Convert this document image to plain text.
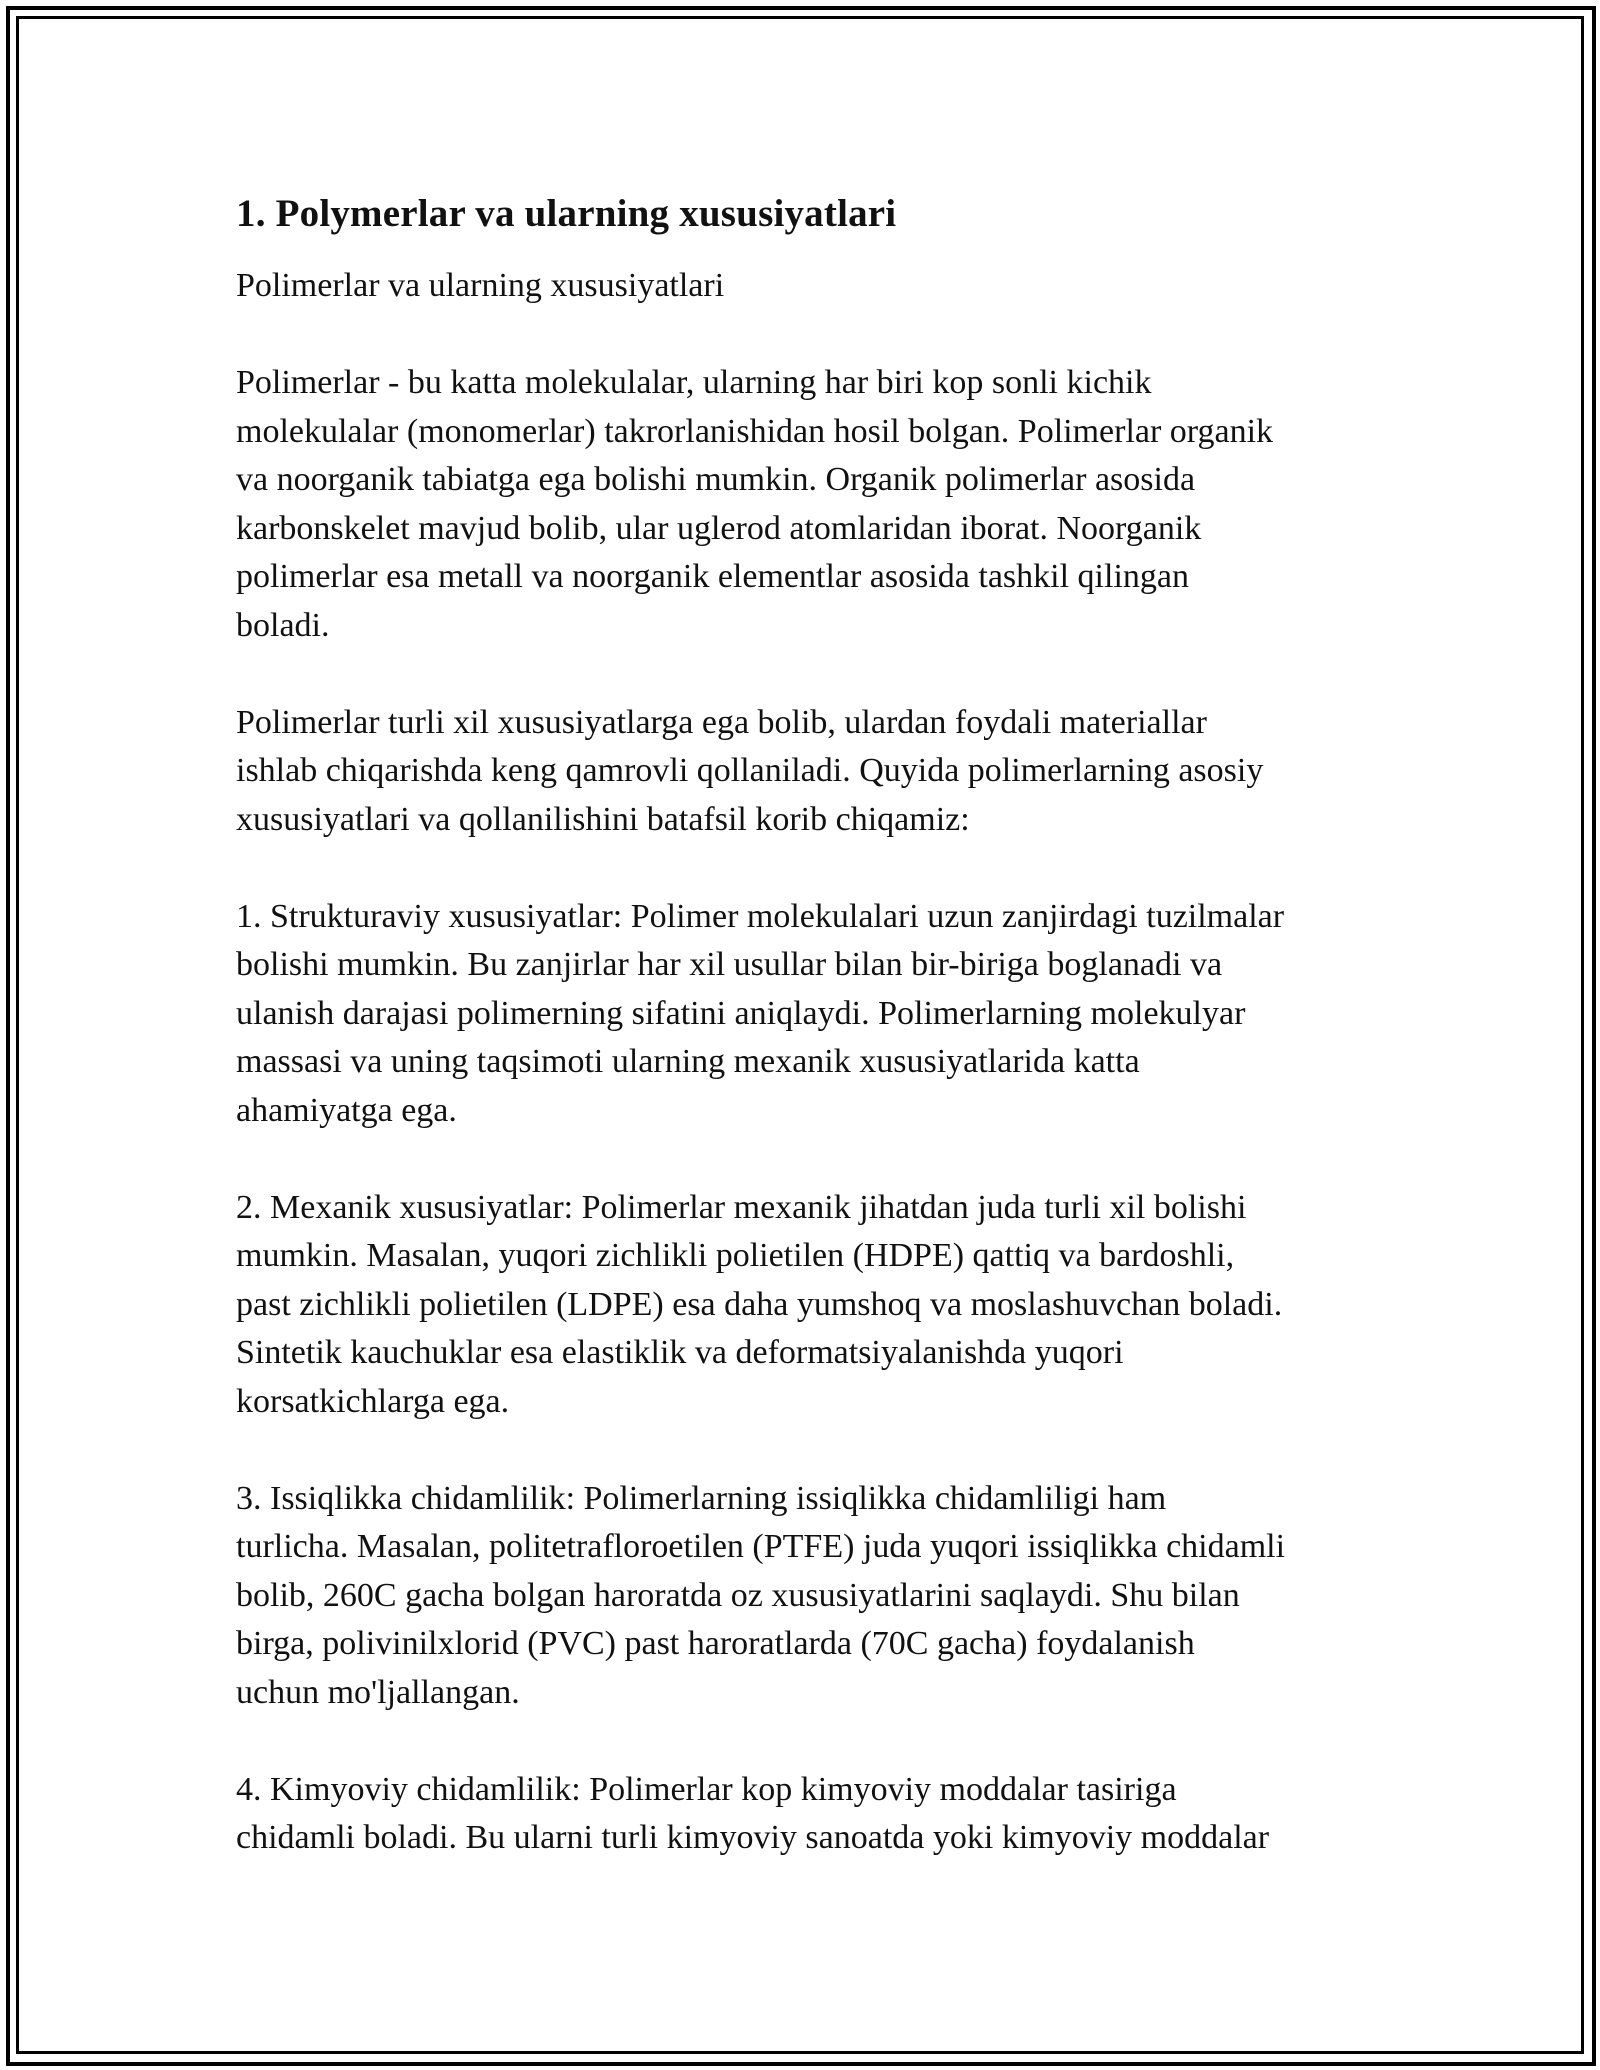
1. Polymerlar va ularning xususiyatlari

Polimerlar va ularning xususiyatlari

Polimerlar - bu katta molekulalar, ularning har biri kop sonli kichik
molekulalar (monomerlar) takrorlanishidan hosil bolgan. Polimerlar organik
va noorganik tabiatga ega bolishi mumkin. Organik polimerlar asosida
karbonskelet mavjud bolib, ular uglerod atomlaridan iborat. Noorganik
polimerlar esa metall va noorganik elementlar asosida tashkil qilingan
boladi.

Polimerlar turli xil xususiyatlarga ega bolib, ulardan foydali materiallar
ishlab chiqarishda keng qamrovli qollaniladi. Quyida polimerlarning asosiy
xususiyatlari va qollanilishini batafsil korib chiqamiz:

1. Strukturaviy xususiyatlar: Polimer molekulalari uzun zanjirdagi tuzilmalar
bolishi mumkin. Bu zanjirlar har xil usullar bilan bir-biriga boglanadi va
ulanish darajasi polimerning sifatini aniqlaydi. Polimerlarning molekulyar
massasi va uning taqsimoti ularning mexanik xususiyatlarida katta
ahamiyatga ega.

2. Mexanik xususiyatlar: Polimerlar mexanik jihatdan juda turli xil bolishi
mumkin. Masalan, yuqori zichlikli polietilen (HDPE) qattiq va bardoshli,
past zichlikli polietilen (LDPE) esa daha yumshoq va moslashuvchan boladi.
Sintetik kauchuklar esa elastiklik va deformatsiyalanishda yuqori
korsatkichlarga ega.

3. Issiqlikka chidamlilik: Polimerlarning issiqlikka chidamliligi ham
turlicha. Masalan, politetrafloroetilen (PTFE) juda yuqori issiqlikka chidamli
bolib, 260C gacha bolgan haroratda oz xususiyatlarini saqlaydi. Shu bilan
birga, polivinilxlorid (PVC) past haroratlarda (70C gacha) foydalanish
uchun mo'ljallangan.

4. Kimyoviy chidamlilik: Polimerlar kop kimyoviy moddalar tasiriga
chidamli boladi. Bu ularni turli kimyoviy sanoatda yoki kimyoviy moddalar
